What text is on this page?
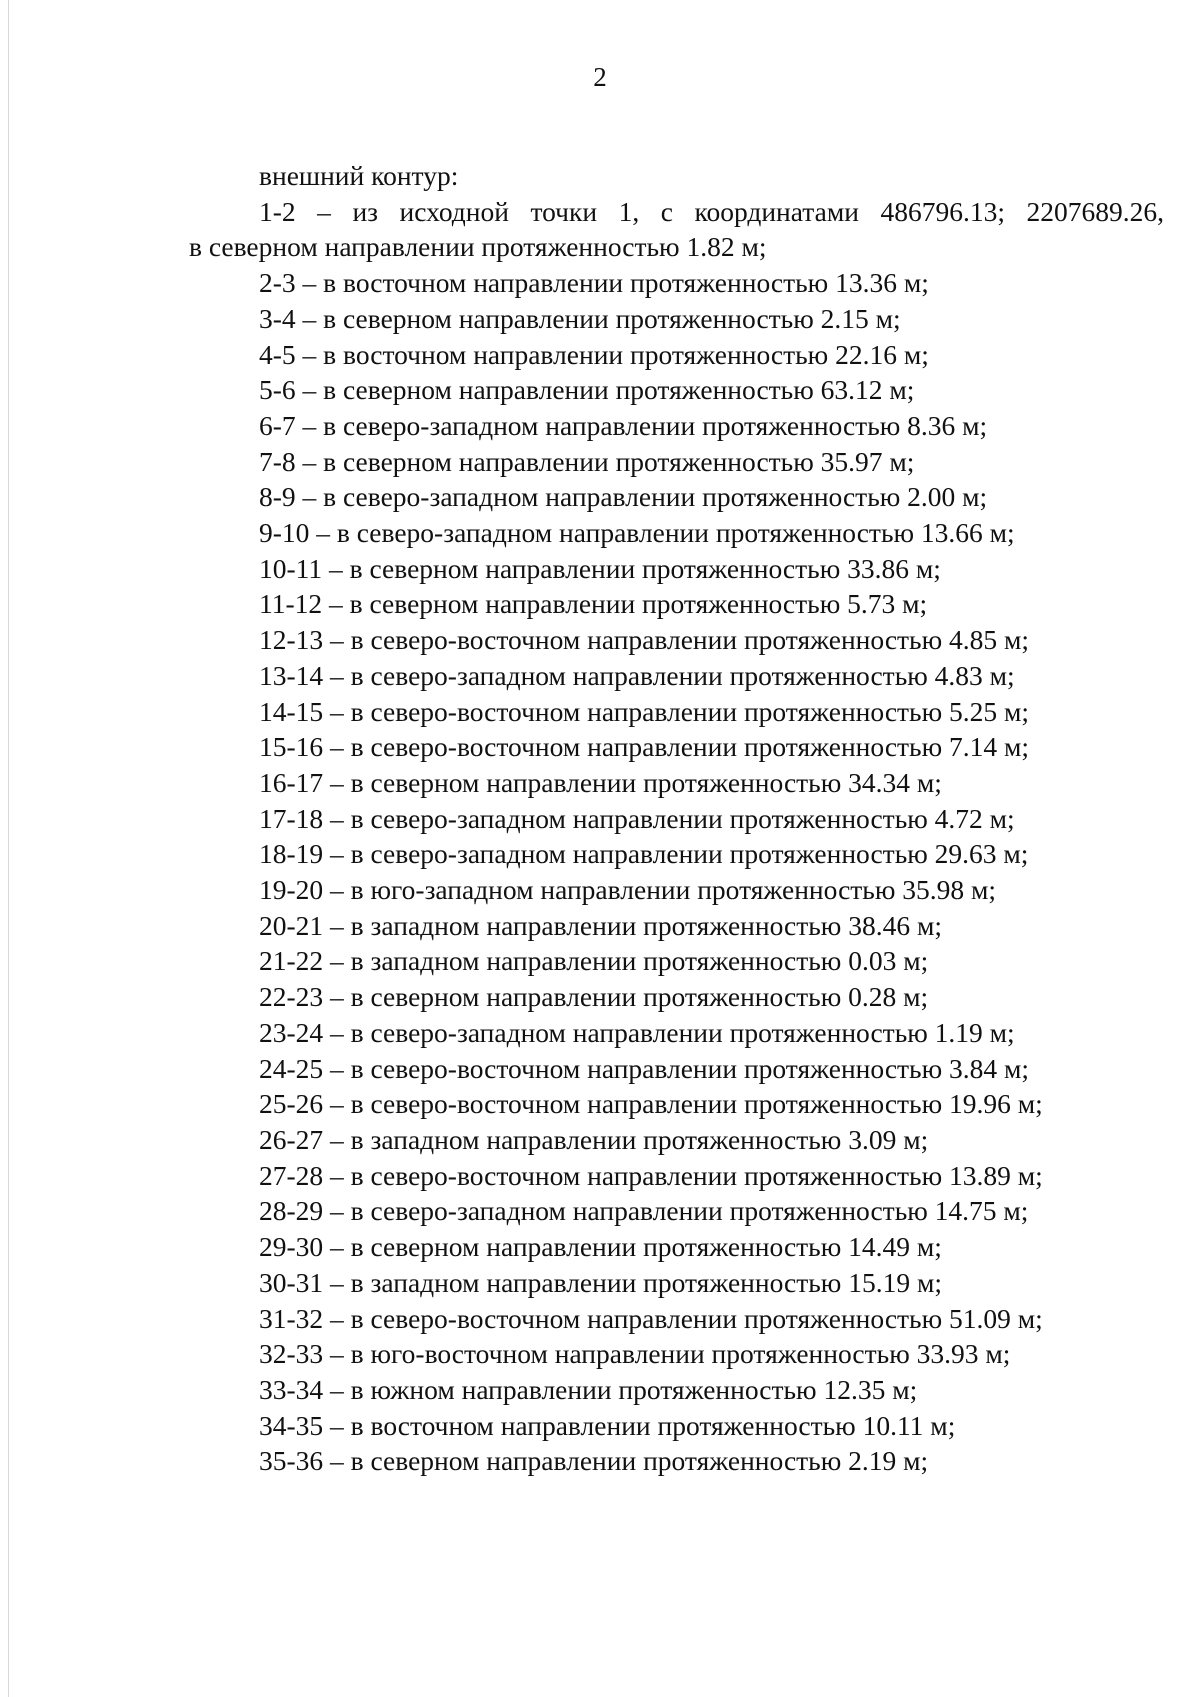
2
внешний контур:
1-2 – из исходной точки 1, с координатами 486796.13; 2207689.26,
в северном направлении протяженностью 1.82 м;
2-3 – в восточном направлении протяженностью 13.36 м;
3-4 – в северном направлении протяженностью 2.15 м;
4-5 – в восточном направлении протяженностью 22.16 м;
5-6 – в северном направлении протяженностью 63.12 м;
6-7 – в северо-западном направлении протяженностью 8.36 м;
7-8 – в северном направлении протяженностью 35.97 м;
8-9 – в северо-западном направлении протяженностью 2.00 м;
9-10 – в северо-западном направлении протяженностью 13.66 м;
10-11 – в северном направлении протяженностью 33.86 м;
11-12 – в северном направлении протяженностью 5.73 м;
12-13 – в северо-восточном направлении протяженностью 4.85 м;
13-14 – в северо-западном направлении протяженностью 4.83 м;
14-15 – в северо-восточном направлении протяженностью 5.25 м;
15-16 – в северо-восточном направлении протяженностью 7.14 м;
16-17 – в северном направлении протяженностью 34.34 м;
17-18 – в северо-западном направлении протяженностью 4.72 м;
18-19 – в северо-западном направлении протяженностью 29.63 м;
19-20 – в юго-западном направлении протяженностью 35.98 м;
20-21 – в западном направлении протяженностью 38.46 м;
21-22 – в западном направлении протяженностью 0.03 м;
22-23 – в северном направлении протяженностью 0.28 м;
23-24 – в северо-западном направлении протяженностью 1.19 м;
24-25 – в северо-восточном направлении протяженностью 3.84 м;
25-26 – в северо-восточном направлении протяженностью 19.96 м;
26-27 – в западном направлении протяженностью 3.09 м;
27-28 – в северо-восточном направлении протяженностью 13.89 м;
28-29 – в северо-западном направлении протяженностью 14.75 м;
29-30 – в северном направлении протяженностью 14.49 м;
30-31 – в западном направлении протяженностью 15.19 м;
31-32 – в северо-восточном направлении протяженностью 51.09 м;
32-33 – в юго-восточном направлении протяженностью 33.93 м;
33-34 – в южном направлении протяженностью 12.35 м;
34-35 – в восточном направлении протяженностью 10.11 м;
35-36 – в северном направлении протяженностью 2.19 м;
